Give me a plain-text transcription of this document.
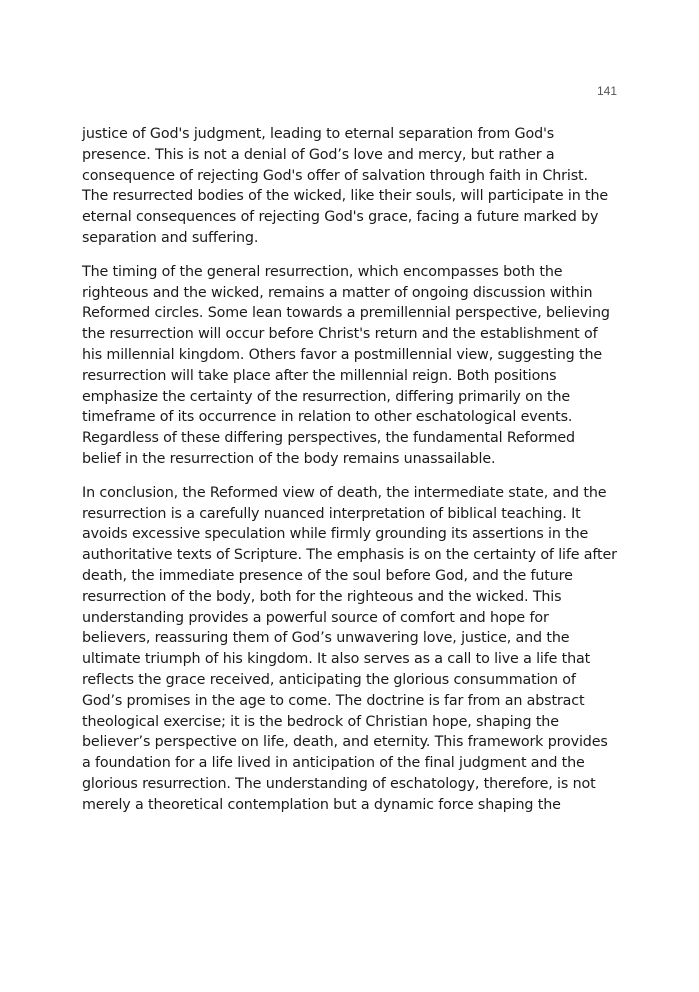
141

justice of God's judgment, leading to eternal separation from God's presence. This is not a denial of God’s love and mercy, but rather a consequence of rejecting God's offer of salvation through faith in Christ. The resurrected bodies of the wicked, like their souls, will participate in the eternal consequences of rejecting God's grace, facing a future marked by separation and suffering.

The timing of the general resurrection, which encompasses both the righteous and the wicked, remains a matter of ongoing discussion within Reformed circles. Some lean towards a premillennial perspective, believing the resurrection will occur before Christ's return and the establishment of his millennial kingdom. Others favor a postmillennial view, suggesting the resurrection will take place after the millennial reign. Both positions emphasize the certainty of the resurrection, differing primarily on the timeframe of its occurrence in relation to other eschatological events. Regardless of these differing perspectives, the fundamental Reformed belief in the resurrection of the body remains unassailable.

In conclusion, the Reformed view of death, the intermediate state, and the resurrection is a carefully nuanced interpretation of biblical teaching. It avoids excessive speculation while firmly grounding its assertions in the authoritative texts of Scripture. The emphasis is on the certainty of life after death, the immediate presence of the soul before God, and the future resurrection of the body, both for the righteous and the wicked. This understanding provides a powerful source of comfort and hope for believers, reassuring them of God’s unwavering love, justice, and the ultimate triumph of his kingdom. It also serves as a call to live a life that reflects the grace received, anticipating the glorious consummation of God’s promises in the age to come. The doctrine is far from an abstract theological exercise; it is the bedrock of Christian hope, shaping the believer’s perspective on life, death, and eternity. This framework provides a foundation for a life lived in anticipation of the final judgment and the glorious resurrection. The understanding of eschatology, therefore, is not merely a theoretical contemplation but a dynamic force shaping the
